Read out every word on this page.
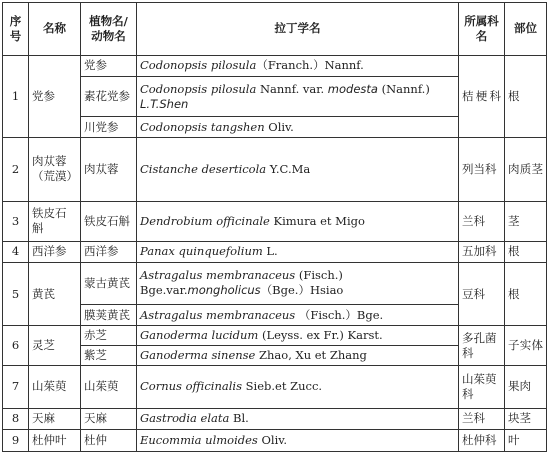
序号	名称	植物名/动物名	拉丁学名	所属科名	部位
1	党参	党参	Codonopsis pilosula（Franch.）Nannf.	桔梗科	根
		素花党参	Codonopsis pilosula Nannf. var. modesta (Nannf.)
L.T.Shen		
		川党参	Codonopsis tangshen Oliv.		
2	肉苁蓉（荒漠）	肉苁蓉	Cistanche deserticola Y.C.Ma	列当科	肉质茎
3	铁皮石斛	铁皮石斛	Dendrobium officinale Kimura et Migo	兰科	茎
4	西洋参	西洋参	Panax quinquefolium L.	五加科	根
5	黄芪	蒙古黄芪	Astragalus membranaceus (Fisch.)
Bge.var.mongholicus（Bge.）Hsiao	豆科	根
		膜荚黄芪	Astragalus membranaceus （Fisch.）Bge.		
6	灵芝	赤芝	Ganoderma lucidum (Leyss. ex Fr.) Karst.	多孔菌科	子实体
		紫芝	Ganoderma sinense Zhao, Xu et Zhang		
7	山茱萸	山茱萸	Cornus officinalis Sieb.et Zucc.	山茱萸科	果肉
8	天麻	天麻	Gastrodia elata Bl.	兰科	块茎
9	杜仲叶	杜仲	Eucommia ulmoides Oliv.	杜仲科	叶
